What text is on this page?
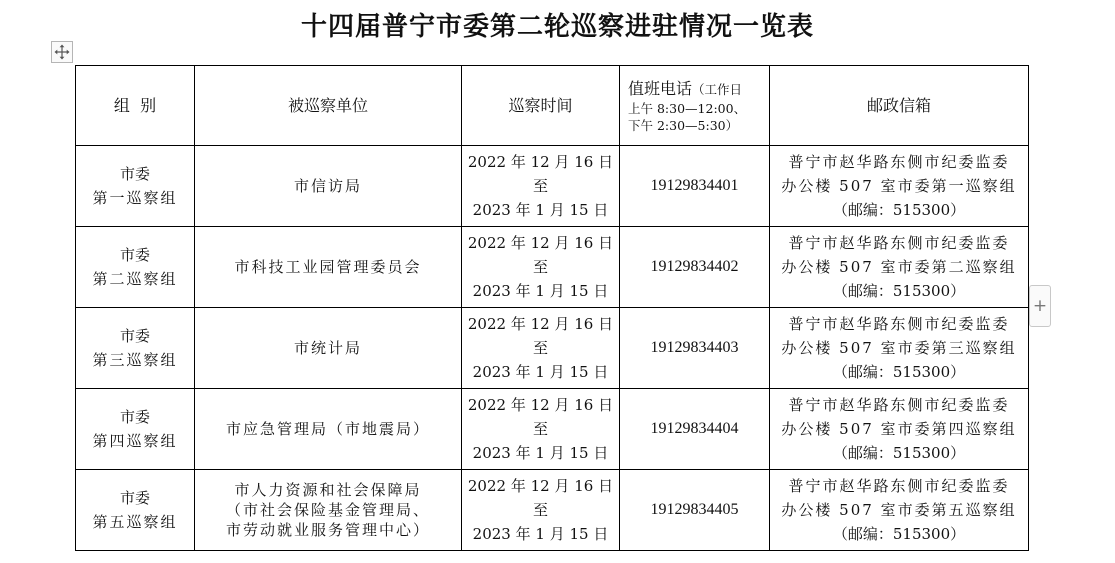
十四届普宁市委第二轮巡察进驻情况一览表
+
组  别	被巡察单位	巡察时间	值班电话（工作日
上午 8:30—12:00、
下午 2:30—5:30）	邮政信箱

市委
第一巡察组	市信访局	2022 年 12 月 16 日
至
2023 年 1 月 15 日	19129834401	普宁市赵华路东侧市纪委监委
办公楼 507 室市委第一巡察组
（邮编：515300）

市委
第二巡察组	市科技工业园管理委员会	2022 年 12 月 16 日
至
2023 年 1 月 15 日	19129834402	普宁市赵华路东侧市纪委监委
办公楼 507 室市委第二巡察组
（邮编：515300）

市委
第三巡察组	市统计局	2022 年 12 月 16 日
至
2023 年 1 月 15 日	19129834403	普宁市赵华路东侧市纪委监委
办公楼 507 室市委第三巡察组
（邮编：515300）

市委
第四巡察组	市应急管理局（市地震局）	2022 年 12 月 16 日
至
2023 年 1 月 15 日	19129834404	普宁市赵华路东侧市纪委监委
办公楼 507 室市委第四巡察组
（邮编：515300）

市委
第五巡察组	市人力资源和社会保障局
（市社会保险基金管理局、
市劳动就业服务管理中心）	2022 年 12 月 16 日
至
2023 年 1 月 15 日	19129834405	普宁市赵华路东侧市纪委监委
办公楼 507 室市委第五巡察组
（邮编：515300）
